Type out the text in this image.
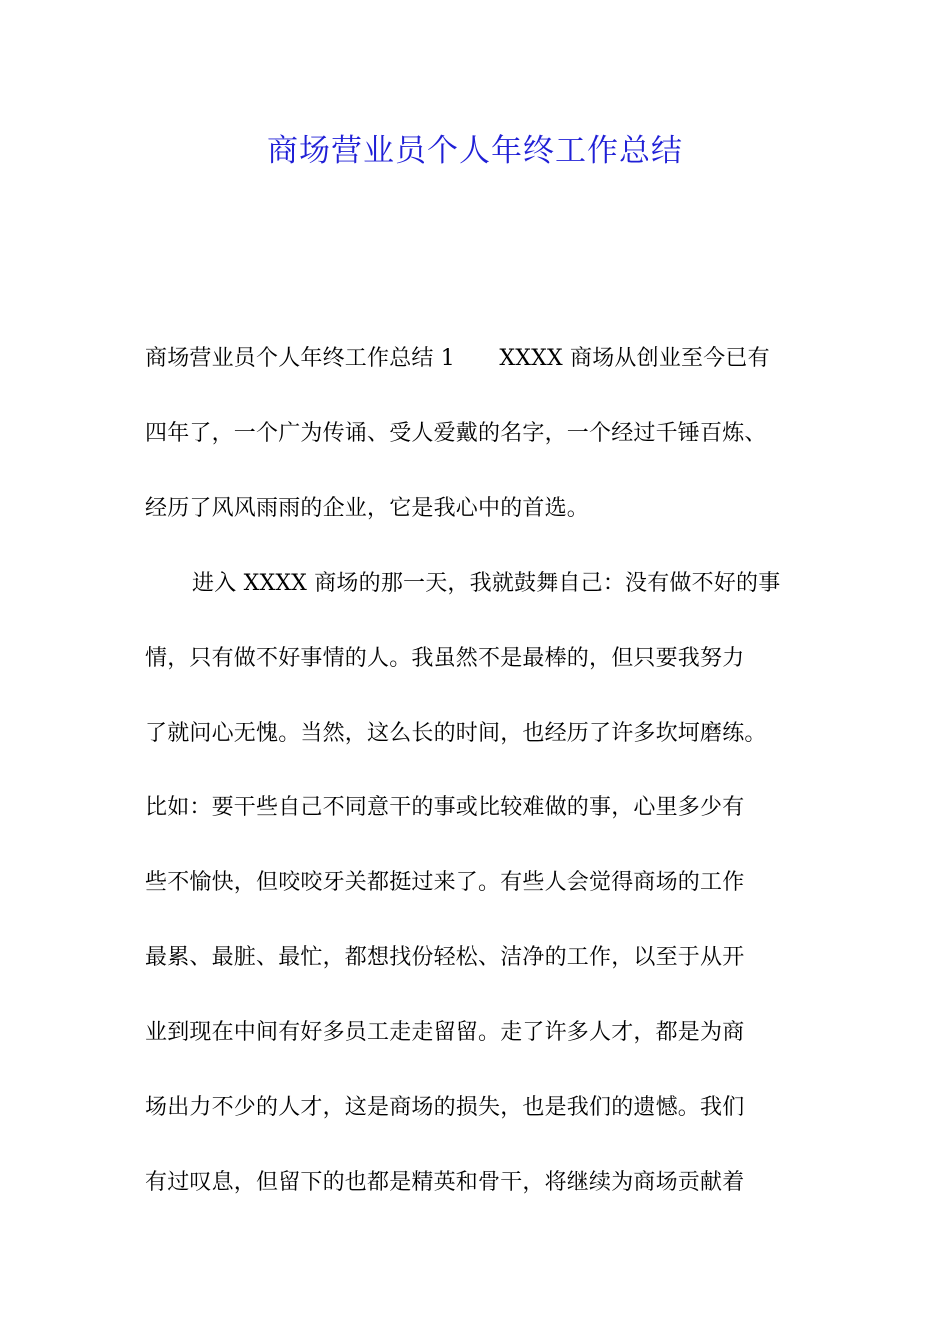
商场营业员个人年终工作总结
商场营业员个人年终工作总结 1　　XXXX 商场从创业至今已有
四年了，一个广为传诵、受人爱戴的名字，一个经过千锤百炼、
经历了风风雨雨的企业，它是我心中的首选。
进入 XXXX 商场的那一天，我就鼓舞自己：没有做不好的事
情，只有做不好事情的人。我虽然不是最棒的，但只要我努力
了就问心无愧。当然，这么长的时间，也经历了许多坎坷磨练。
比如：要干些自己不同意干的事或比较难做的事，心里多少有
些不愉快，但咬咬牙关都挺过来了。有些人会觉得商场的工作
最累、最脏、最忙，都想找份轻松、洁净的工作，以至于从开
业到现在中间有好多员工走走留留。走了许多人才，都是为商
场出力不少的人才，这是商场的损失，也是我们的遗憾。我们
有过叹息，但留下的也都是精英和骨干，将继续为商场贡献着
